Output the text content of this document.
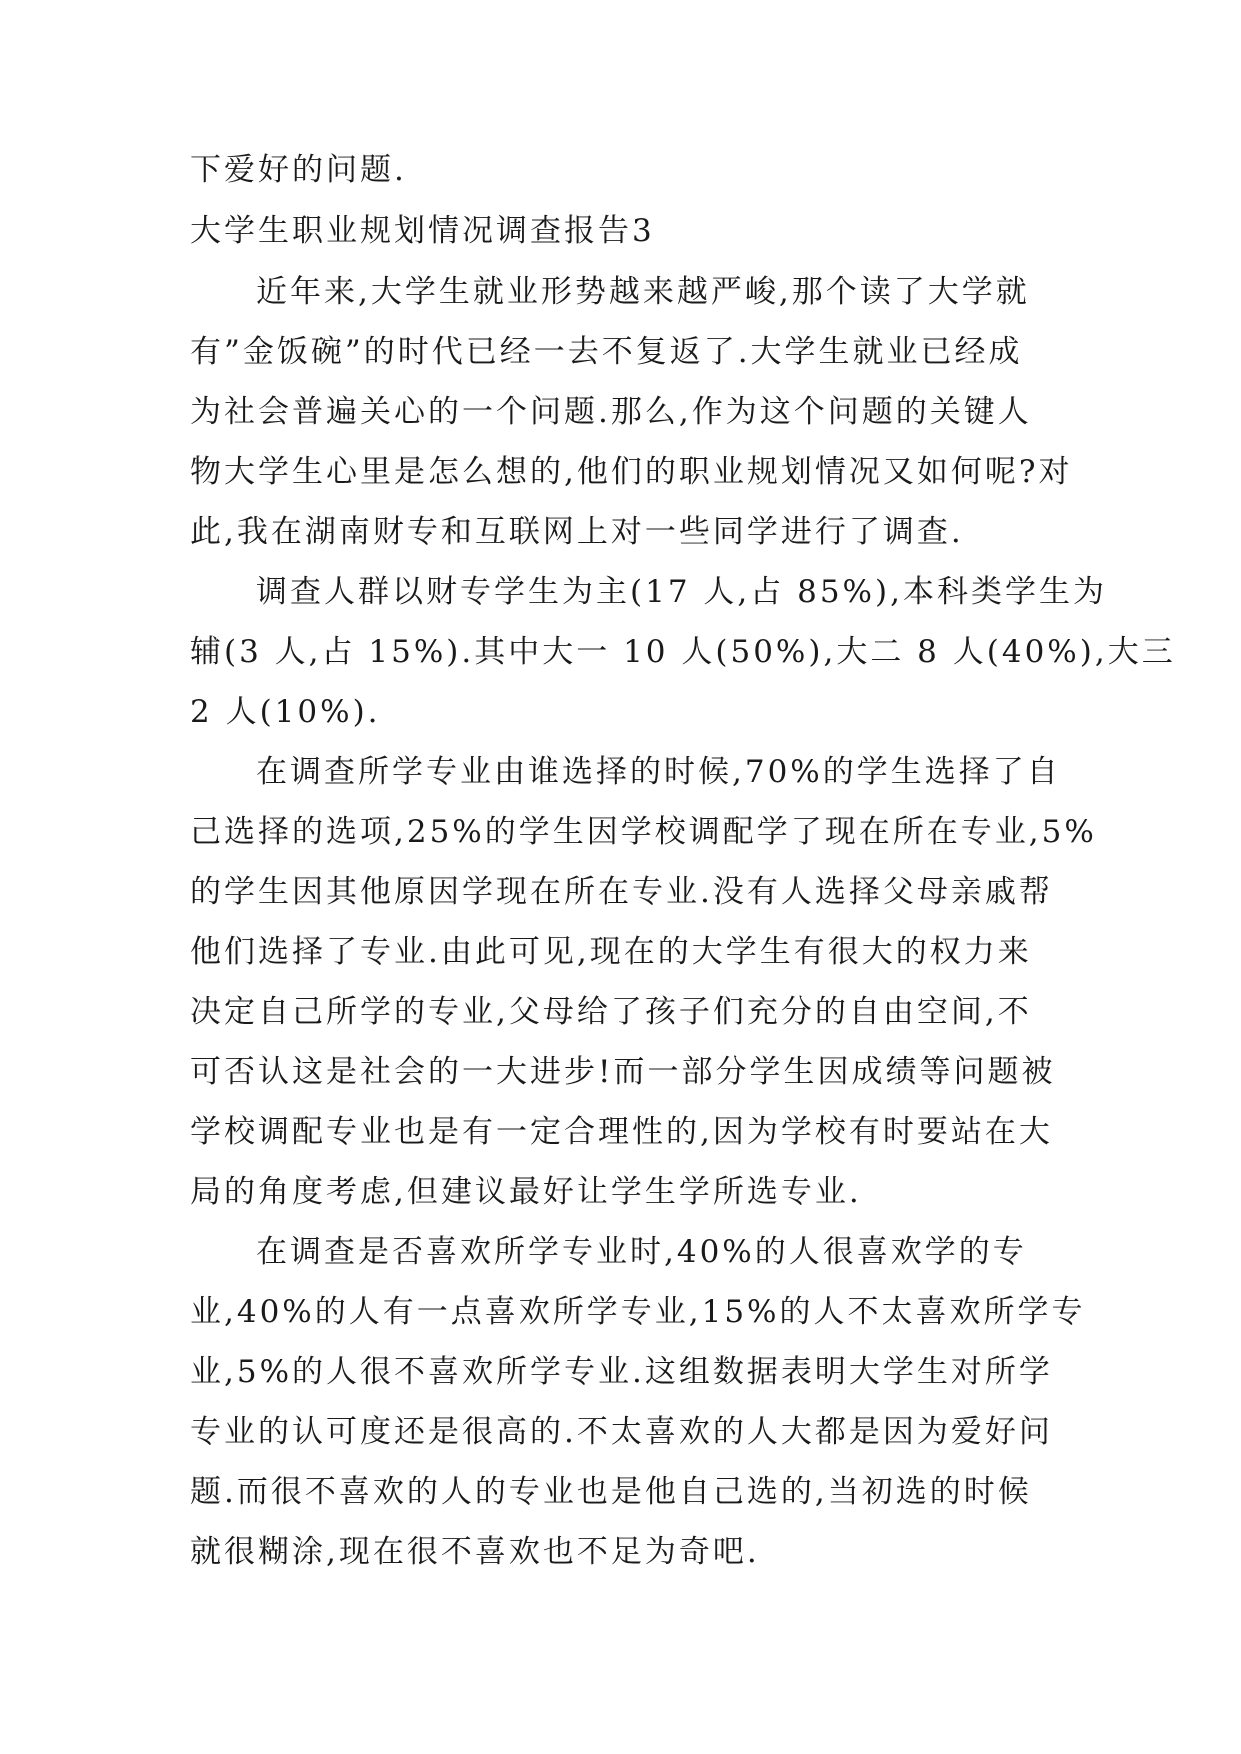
下爱好的问题.
大学生职业规划情况调查报告3
近年来,大学生就业形势越来越严峻,那个读了大学就
有”金饭碗”的时代已经一去不复返了.大学生就业已经成
为社会普遍关心的一个问题.那么,作为这个问题的关键人
物大学生心里是怎么想的,他们的职业规划情况又如何呢?对
此,我在湖南财专和互联网上对一些同学进行了调查.
调查人群以财专学生为主(17 人,占 85%),本科类学生为
辅(3 人,占 15%).其中大一 10 人(50%),大二 8 人(40%),大三
2 人(10%).
在调查所学专业由谁选择的时候,70%的学生选择了自
己选择的选项,25%的学生因学校调配学了现在所在专业,5%
的学生因其他原因学现在所在专业.没有人选择父母亲戚帮
他们选择了专业.由此可见,现在的大学生有很大的权力来
决定自己所学的专业,父母给了孩子们充分的自由空间,不
可否认这是社会的一大进步!而一部分学生因成绩等问题被
学校调配专业也是有一定合理性的,因为学校有时要站在大
局的角度考虑,但建议最好让学生学所选专业.
在调查是否喜欢所学专业时,40%的人很喜欢学的专
业,40%的人有一点喜欢所学专业,15%的人不太喜欢所学专
业,5%的人很不喜欢所学专业.这组数据表明大学生对所学
专业的认可度还是很高的.不太喜欢的人大都是因为爱好问
题.而很不喜欢的人的专业也是他自己选的,当初选的时候
就很糊涂,现在很不喜欢也不足为奇吧.
